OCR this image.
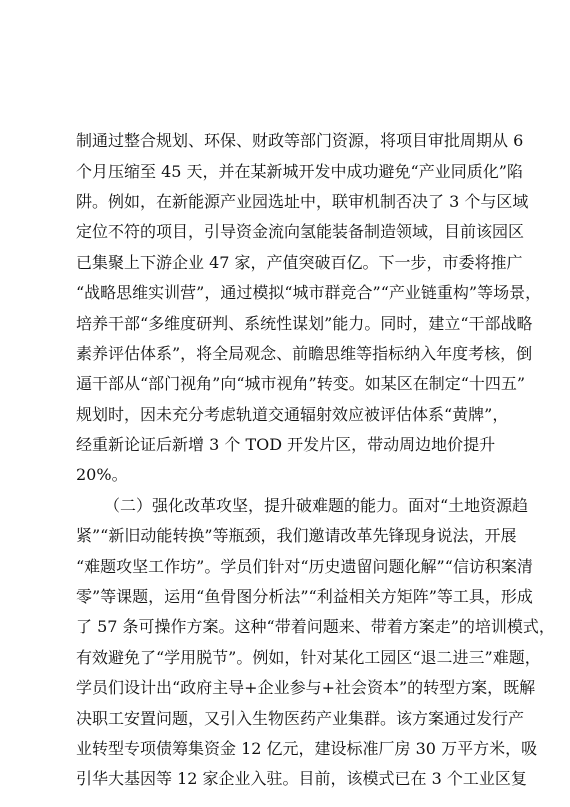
制通过整合规划、环保、财政等部门资源，将项目审批周期从 6
个月压缩至 45 天，并在某新城开发中成功避免“产业同质化”陷
阱。例如，在新能源产业园选址中，联审机制否决了 3 个与区域
定位不符的项目，引导资金流向氢能装备制造领域，目前该园区
已集聚上下游企业 47 家，产值突破百亿。下一步，市委将推广
“战略思维实训营”，通过模拟“城市群竞合”“产业链重构”等场景，
培养干部“多维度研判、系统性谋划”能力。同时，建立“干部战略
素养评估体系”，将全局观念、前瞻思维等指标纳入年度考核，倒
逼干部从“部门视角”向“城市视角”转变。如某区在制定“十四五”
规划时，因未充分考虑轨道交通辐射效应被评估体系“黄牌”，
经重新论证后新增 3 个 TOD 开发片区，带动周边地价提升
20%。
（二）强化改革攻坚，提升破难题的能力。面对“土地资源趋
紧”“新旧动能转换”等瓶颈，我们邀请改革先锋现身说法，开展
“难题攻坚工作坊”。学员们针对“历史遗留问题化解”“信访积案清
零”等课题，运用“鱼骨图分析法”“利益相关方矩阵”等工具，形成
了 57 条可操作方案。这种“带着问题来、带着方案走”的培训模式，
有效避免了“学用脱节”。例如，针对某化工园区“退二进三”难题，
学员们设计出“政府主导+企业参与+社会资本”的转型方案，既解
决职工安置问题，又引入生物医药产业集群。该方案通过发行产
业转型专项债筹集资金 12 亿元，建设标准厂房 30 万平方米，吸
引华大基因等 12 家企业入驻。目前，该模式已在 3 个工业区复
